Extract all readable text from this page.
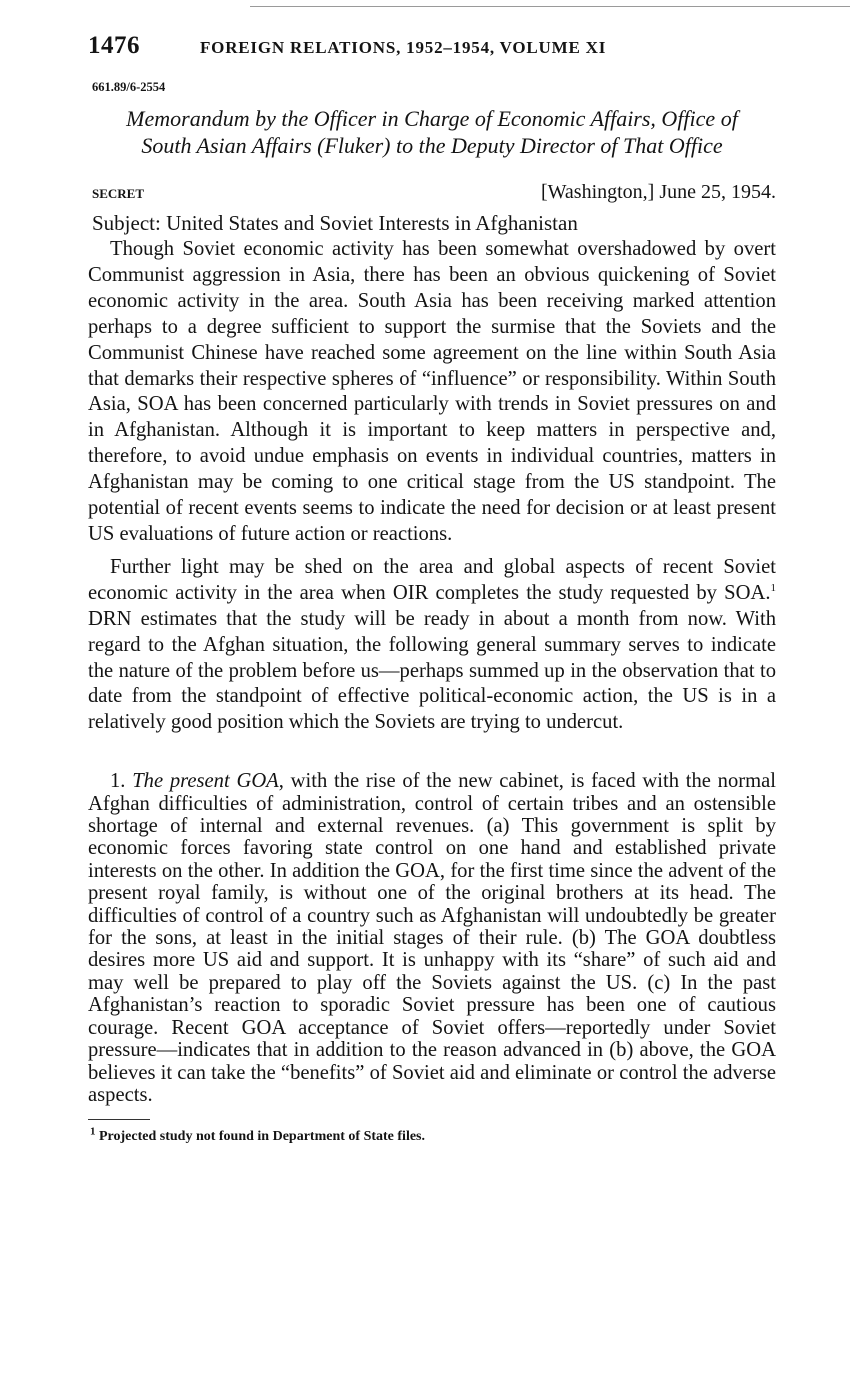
1476	FOREIGN RELATIONS, 1952–1954, VOLUME XI
661.89/6-2554
Memorandum by the Officer in Charge of Economic Affairs, Office of
South Asian Affairs (Fluker) to the Deputy Director of That Office
SECRET	[Washington,] June 25, 1954.
Subject: United States and Soviet Interests in Afghanistan

Though Soviet economic activity has been somewhat overshadowed by overt Communist aggression in Asia, there has been an obvious quickening of Soviet economic activity in the area. South Asia has been receiving marked attention perhaps to a degree sufficient to support the surmise that the Soviets and the Communist Chinese have reached some agreement on the line within South Asia that demarks their respective spheres of “influence” or responsibility. Within South Asia, SOA has been concerned particularly with trends in Soviet pressures on and in Afghanistan. Although it is important to keep matters in perspective and, therefore, to avoid undue emphasis on events in individual countries, matters in Afghanistan may be coming to one critical stage from the US standpoint. The potential of recent events seems to indicate the need for decision or at least present US evaluations of future action or reactions.

Further light may be shed on the area and global aspects of recent Soviet economic activity in the area when OIR completes the study requested by SOA.$^1$ DRN estimates that the study will be ready in about a month from now. With regard to the Afghan situation, the following general summary serves to indicate the nature of the problem before us—perhaps summed up in the observation that to date from the standpoint of effective political-economic action, the US is in a relatively good position which the Soviets are trying to undercut.

1. The present GOA, with the rise of the new cabinet, is faced with the normal Afghan difficulties of administration, control of certain tribes and an ostensible shortage of internal and external revenues. (a) This government is split by economic forces favoring state control on one hand and established private interests on the other. In addition the GOA, for the first time since the advent of the present royal family, is without one of the original brothers at its head. The difficulties of control of a country such as Afghanistan will undoubtedly be greater for the sons, at least in the initial stages of their rule. (b) The GOA doubtless desires more US aid and support. It is unhappy with its “share” of such aid and may well be prepared to play off the Soviets against the US. (c) In the past Afghanistan’s reaction to sporadic Soviet pressure has been one of cautious courage. Recent GOA acceptance of Soviet offers—reportedly under Soviet pressure—indicates that in addition to the reason advanced in (b) above, the GOA believes it can take the “benefits” of Soviet aid and eliminate or control the adverse aspects.

$^1$ Projected study not found in Department of State files.
